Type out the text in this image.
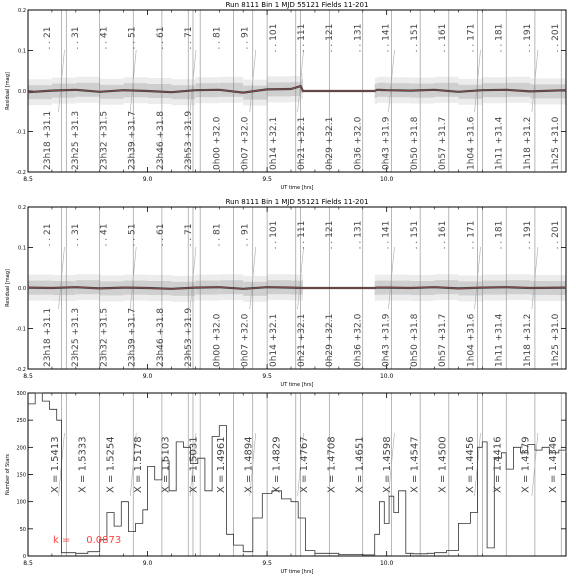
8.5	9.0	9.5	10.0
-0.2
-0.1
0.0
0.1
0.2
. . 21 . . 31 . . 41 . . 51 . . 61 . . 71 . . 81 . . 91 . . 101 . . 111 . . 121 . . 131 . . 141 . . 151 . . 161 . . 171 . . 181 . . 191 . . 201
23h18 +31.1 23h25 +31.3 23h32 +31.5 23h39 +31.7 23h46 +31.8 23h53 +31.9 0h00 +32.0 0h07 +32.0 0h14 +32.1 0h21 +32.1 0h29 +32.1 0h36 +32.0 0h43 +31.9 0h50 +31.8 0h57 +31.7 1h04 +31.6 1h11 +31.4 1h18 +31.2 1h25 +31.0
Run 8111 Bin 1 MJD 55121 Fields 11-201
UT time [hrs]
Residual [mag]
8.5	9.0	9.5	10.0
-0.2
-0.1
0.0
0.1
0.2
. . 21 . . 31 . . 41 . . 51 . . 61 . . 71 . . 81 . . 91 . . 101 . . 111 . . 121 . . 131 . . 141 . . 151 . . 161 . . 171 . . 181 . . 191 . . 201
23h18 +31.1 23h25 +31.3 23h32 +31.5 23h39 +31.7 23h46 +31.8 23h53 +31.9 0h00 +32.0 0h07 +32.0 0h14 +32.1 0h21 +32.1 0h29 +32.1 0h36 +32.0 0h43 +31.9 0h50 +31.8 0h57 +31.7 1h04 +31.6 1h11 +31.4 1h18 +31.2 1h25 +31.0
Run 8111 Bin 1 MJD 55121 Fields 11-201
UT time [hrs]
Residual [mag]
8.5	9.0	9.5	10.0
0
50
100
150
200
250
300
X = 1.5413 X = 1.5333 X = 1.5254 X = 1.5178 X = 1.5103 X = 1.5031 X = 1.4961 X = 1.4894 X = 1.4829 X = 1.4767 X = 1.4708 X = 1.4651 X = 1.4598 X = 1.4547 X = 1.4500 X = 1.4456 X = 1.4416 X = 1.4379 X = 1.4346
k =     0.0873
UT time [hrs]
Number of Stars
